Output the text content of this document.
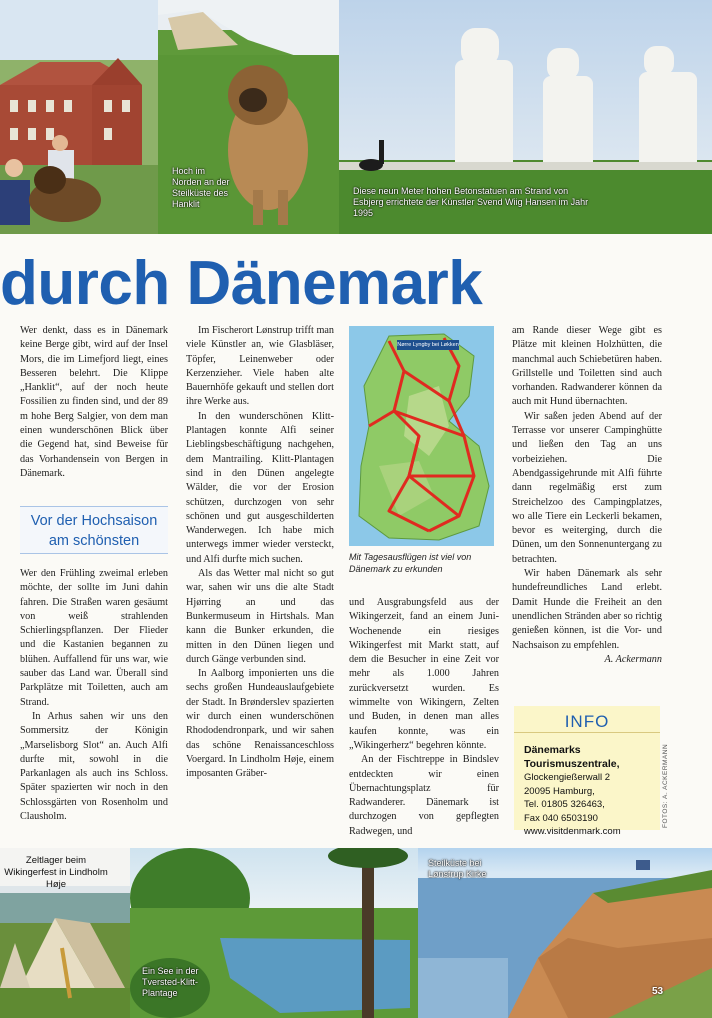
Hoch im Norden an der Steilküste des Hanklit
Diese neun Meter hohen Betonstatuen am Strand von Esbjerg errichtete der Künstler Svend Wiig Hansen im Jahr 1995
durch Dänemark

Wer denkt, dass es in Dänemark keine Berge gibt, wird auf der Insel Mors, die im Limefjord liegt, eines Besseren belehrt. Die Klippe „Hanklit“, auf der noch heute Fossilien zu finden sind, und der 89 m hohe Berg Salgier, von dem man einen wunderschönen Blick über die Gegend hat, sind Beweise für das Vorhandensein von Bergen in Dänemark.

Vor der Hochsaison am schönsten

Wer den Frühling zweimal erleben möchte, der sollte im Juni dahin fahren. Die Straßen waren gesäumt von weiß strahlenden Schierlingspflanzen. Der Flieder und die Kastanien begannen zu blühen. Auffallend für uns war, wie sauber das Land war. Überall sind Parkplätze mit Toiletten, auch am Strand.

In Arhus sahen wir uns den Sommersitz der Königin „Marselisborg Slot“ an. Auch Alfi durfte mit, sowohl in die Parkanlagen als auch ins Schloss. Später spazierten wir noch in den Schlossgärten von Rosenholm und Clausholm.

Im Fischerort Lønstrup trifft man viele Künstler an, wie Glasbläser, Töpfer, Leinenweber oder Kerzenzieher. Viele haben alte Bauernhöfe gekauft und stellen dort ihre Werke aus.

In den wunderschönen Klitt-Plantagen konnte Alfi seiner Lieblingsbeschäftigung nachgehen, dem Mantrailing. Klitt-Plantagen sind in den Dünen angelegte Wälder, die vor der Erosion schützen, durchzogen von sehr schönen und gut ausgeschilderten Wanderwegen. Ich habe mich unterwegs immer wieder versteckt, und Alfi durfte mich suchen.

Als das Wetter mal nicht so gut war, sahen wir uns die alte Stadt Hjørring an und das Bunkermuseum in Hirtshals. Man kann die Bunker erkunden, die mitten in den Dünen liegen und durch Gänge verbunden sind.

In Aalborg imponierten uns die sechs großen Hundeauslaufgebiete der Stadt. In Brønderslev spazierten wir durch einen wunderschönen Rhododendronpark, und wir sahen das schöne Renaissanceschloss Voergard. In Lindholm Høje, einem imposanten Gräber-

Nørre Lyngby bei Løkken
Mit Tagesausflügen ist viel von Dänemark zu erkunden

und Ausgrabungsfeld aus der Wikingerzeit, fand an einem Juni-Wochenende ein riesiges Wikingerfest mit Markt statt, auf dem die Besucher in eine Zeit vor mehr als 1.000 Jahren zurückversetzt wurden. Es wimmelte von Wikingern, Zelten und Buden, in denen man alles kaufen konnte, was ein „Wikingerherz“ begehren könnte.

An der Fischtreppe in Bindslev entdeckten wir einen Übernachtungsplatz für Radwanderer. Dänemark ist durchzogen von gepflegten Radwegen, und

am Rande dieser Wege gibt es Plätze mit kleinen Holzhütten, die manchmal auch Schiebetüren haben. Grillstelle und Toiletten sind auch vorhanden. Radwanderer können da auch mit Hund übernachten.

Wir saßen jeden Abend auf der Terrasse vor unserer Campinghütte und ließen den Tag an uns vorbeiziehen. Die Abendgassigehrunde mit Alfi führte dann regelmäßig erst zum Streichelzoo des Campingplatzes, wo alle Tiere ein Leckerli bekamen, bevor es weiterging, durch die Dünen, um den Sonnenuntergang zu betrachten.

Wir haben Dänemark als sehr hundefreundliches Land erlebt. Damit Hunde die Freiheit an den unendlichen Stränden aber so richtig genießen können, ist die Vor- und Nachsaison zu empfehlen.

A. Ackermann

INFO
Dänemarks Tourismuszentrale,
Glockengießerwall 2
20095 Hamburg,
Tel. 01805 326463,
Fax 040 6503190
www.visitdenmark.com
FOTOS: A. ACKERMANN
Zeltlager beim Wikingerfest in Lindholm Høje
Ein See in der Tversted-Klitt-Plantage
Steilküste bei Lønstrup Kirke
53
